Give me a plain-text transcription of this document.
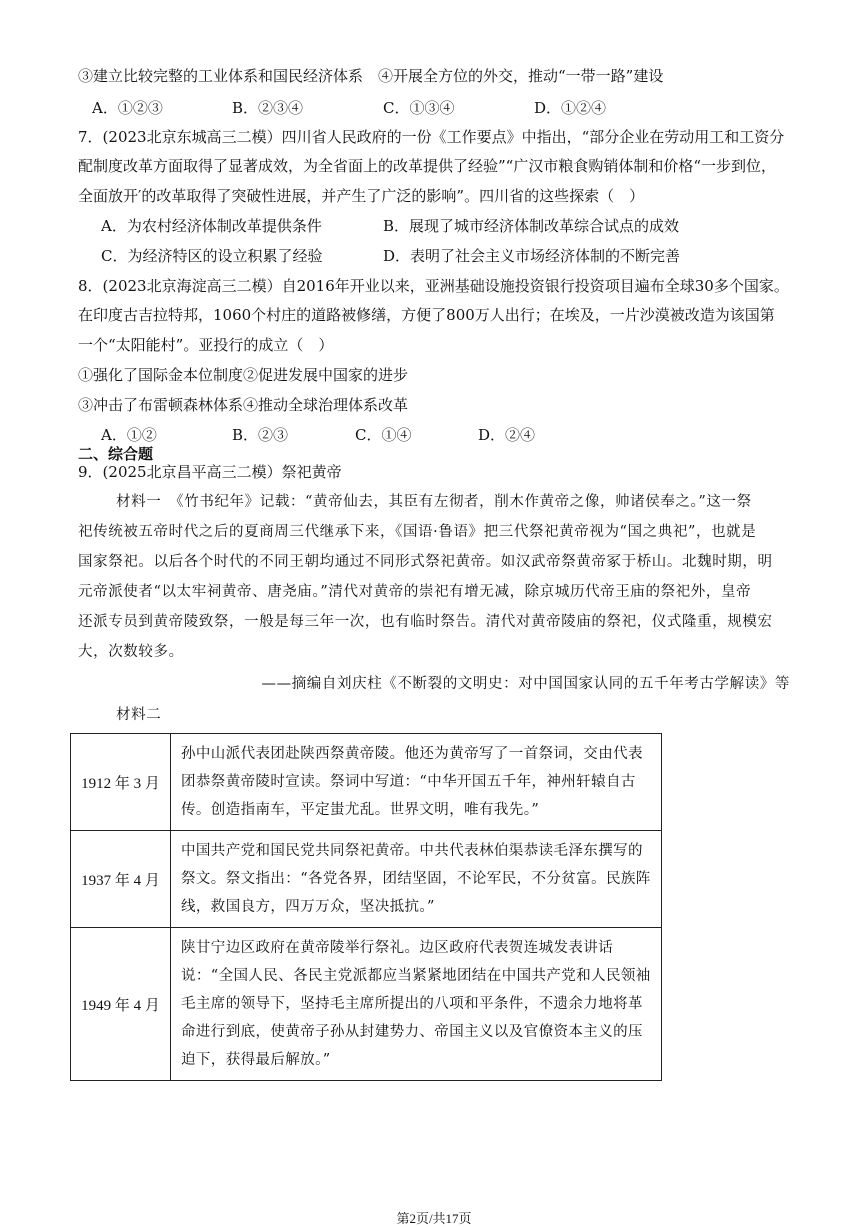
③建立比较完整的工业体系和国民经济体系　④开展全方位的外交，推动“一带一路”建设
A．①②③	B．②③④	C．①③④	D．①②④
7．(2023北京东城高三二模）四川省人民政府的一份《工作要点》中指出，“部分企业在劳动用工和工资分
配制度改革方面取得了显著成效，为全省面上的改革提供了经验”“广汉市粮食购销体制和价格“一步到位，
全面放开′的改革取得了突破性进展，并产生了广泛的影响”。四川省的这些探索（　）
A．为农村经济体制改革提供条件	B．展现了城市经济体制改革综合试点的成效
C．为经济特区的设立积累了经验	D．表明了社会主义市场经济体制的不断完善
8．(2023北京海淀高三二模）自2016年开业以来，亚洲基础设施投资银行投资项目遍布全球30多个国家。
在印度古吉拉特邦，1060个村庄的道路被修缮，方便了800万人出行；在埃及，一片沙漠被改造为该国第
一个“太阳能村”。亚投行的成立（　）
①强化了国际金本位制度②促进发展中国家的进步
③冲击了布雷顿森林体系④推动全球治理体系改革
A．①②	B．②③	C．①④	D．②④
二、综合题
9．(2025北京昌平高三二模）祭祀黄帝
材料一　《竹书纪年》记载：“黄帝仙去，其臣有左彻者，削木作黄帝之像，帅诸侯奉之。”这一祭
祀传统被五帝时代之后的夏商周三代继承下来，《国语·鲁语》把三代祭祀黄帝视为“国之典祀”，也就是
国家祭祀。以后各个时代的不同王朝均通过不同形式祭祀黄帝。如汉武帝祭黄帝冢于桥山。北魏时期，明
元帝派使者“以太牢祠黄帝、唐尧庙。”清代对黄帝的崇祀有增无减，除京城历代帝王庙的祭祀外，皇帝
还派专员到黄帝陵致祭，一般是每三年一次，也有临时祭告。清代对黄帝陵庙的祭祀，仪式隆重，规模宏
大，次数较多。
——摘编自刘庆柱《不断裂的文明史：对中国国家认同的五千年考古学解读》等
材料二
1912 年 3 月	孙中山派代表团赴陕西祭黄帝陵。他还为黄帝写了一首祭词，交由代表团恭祭黄帝陵时宣读。祭词中写道：“中华开国五千年，神州轩辕自古传。创造指南车，平定蚩尤乱。世界文明，唯有我先。”
1937 年 4 月	中国共产党和国民党共同祭祀黄帝。中共代表林伯渠恭读毛泽东撰写的祭文。祭文指出：“各党各界，团结坚固，不论军民，不分贫富。民族阵线，救国良方，四万万众，坚决抵抗。”
1949 年 4 月	陕甘宁边区政府在黄帝陵举行祭礼。边区政府代表贺连城发表讲话说：“全国人民、各民主党派都应当紧紧地团结在中国共产党和人民领袖毛主席的领导下，坚持毛主席所提出的八项和平条件，不遗余力地将革命进行到底，使黄帝子孙从封建势力、帝国主义以及官僚资本主义的压迫下，获得最后解放。”
第2页/共17页
